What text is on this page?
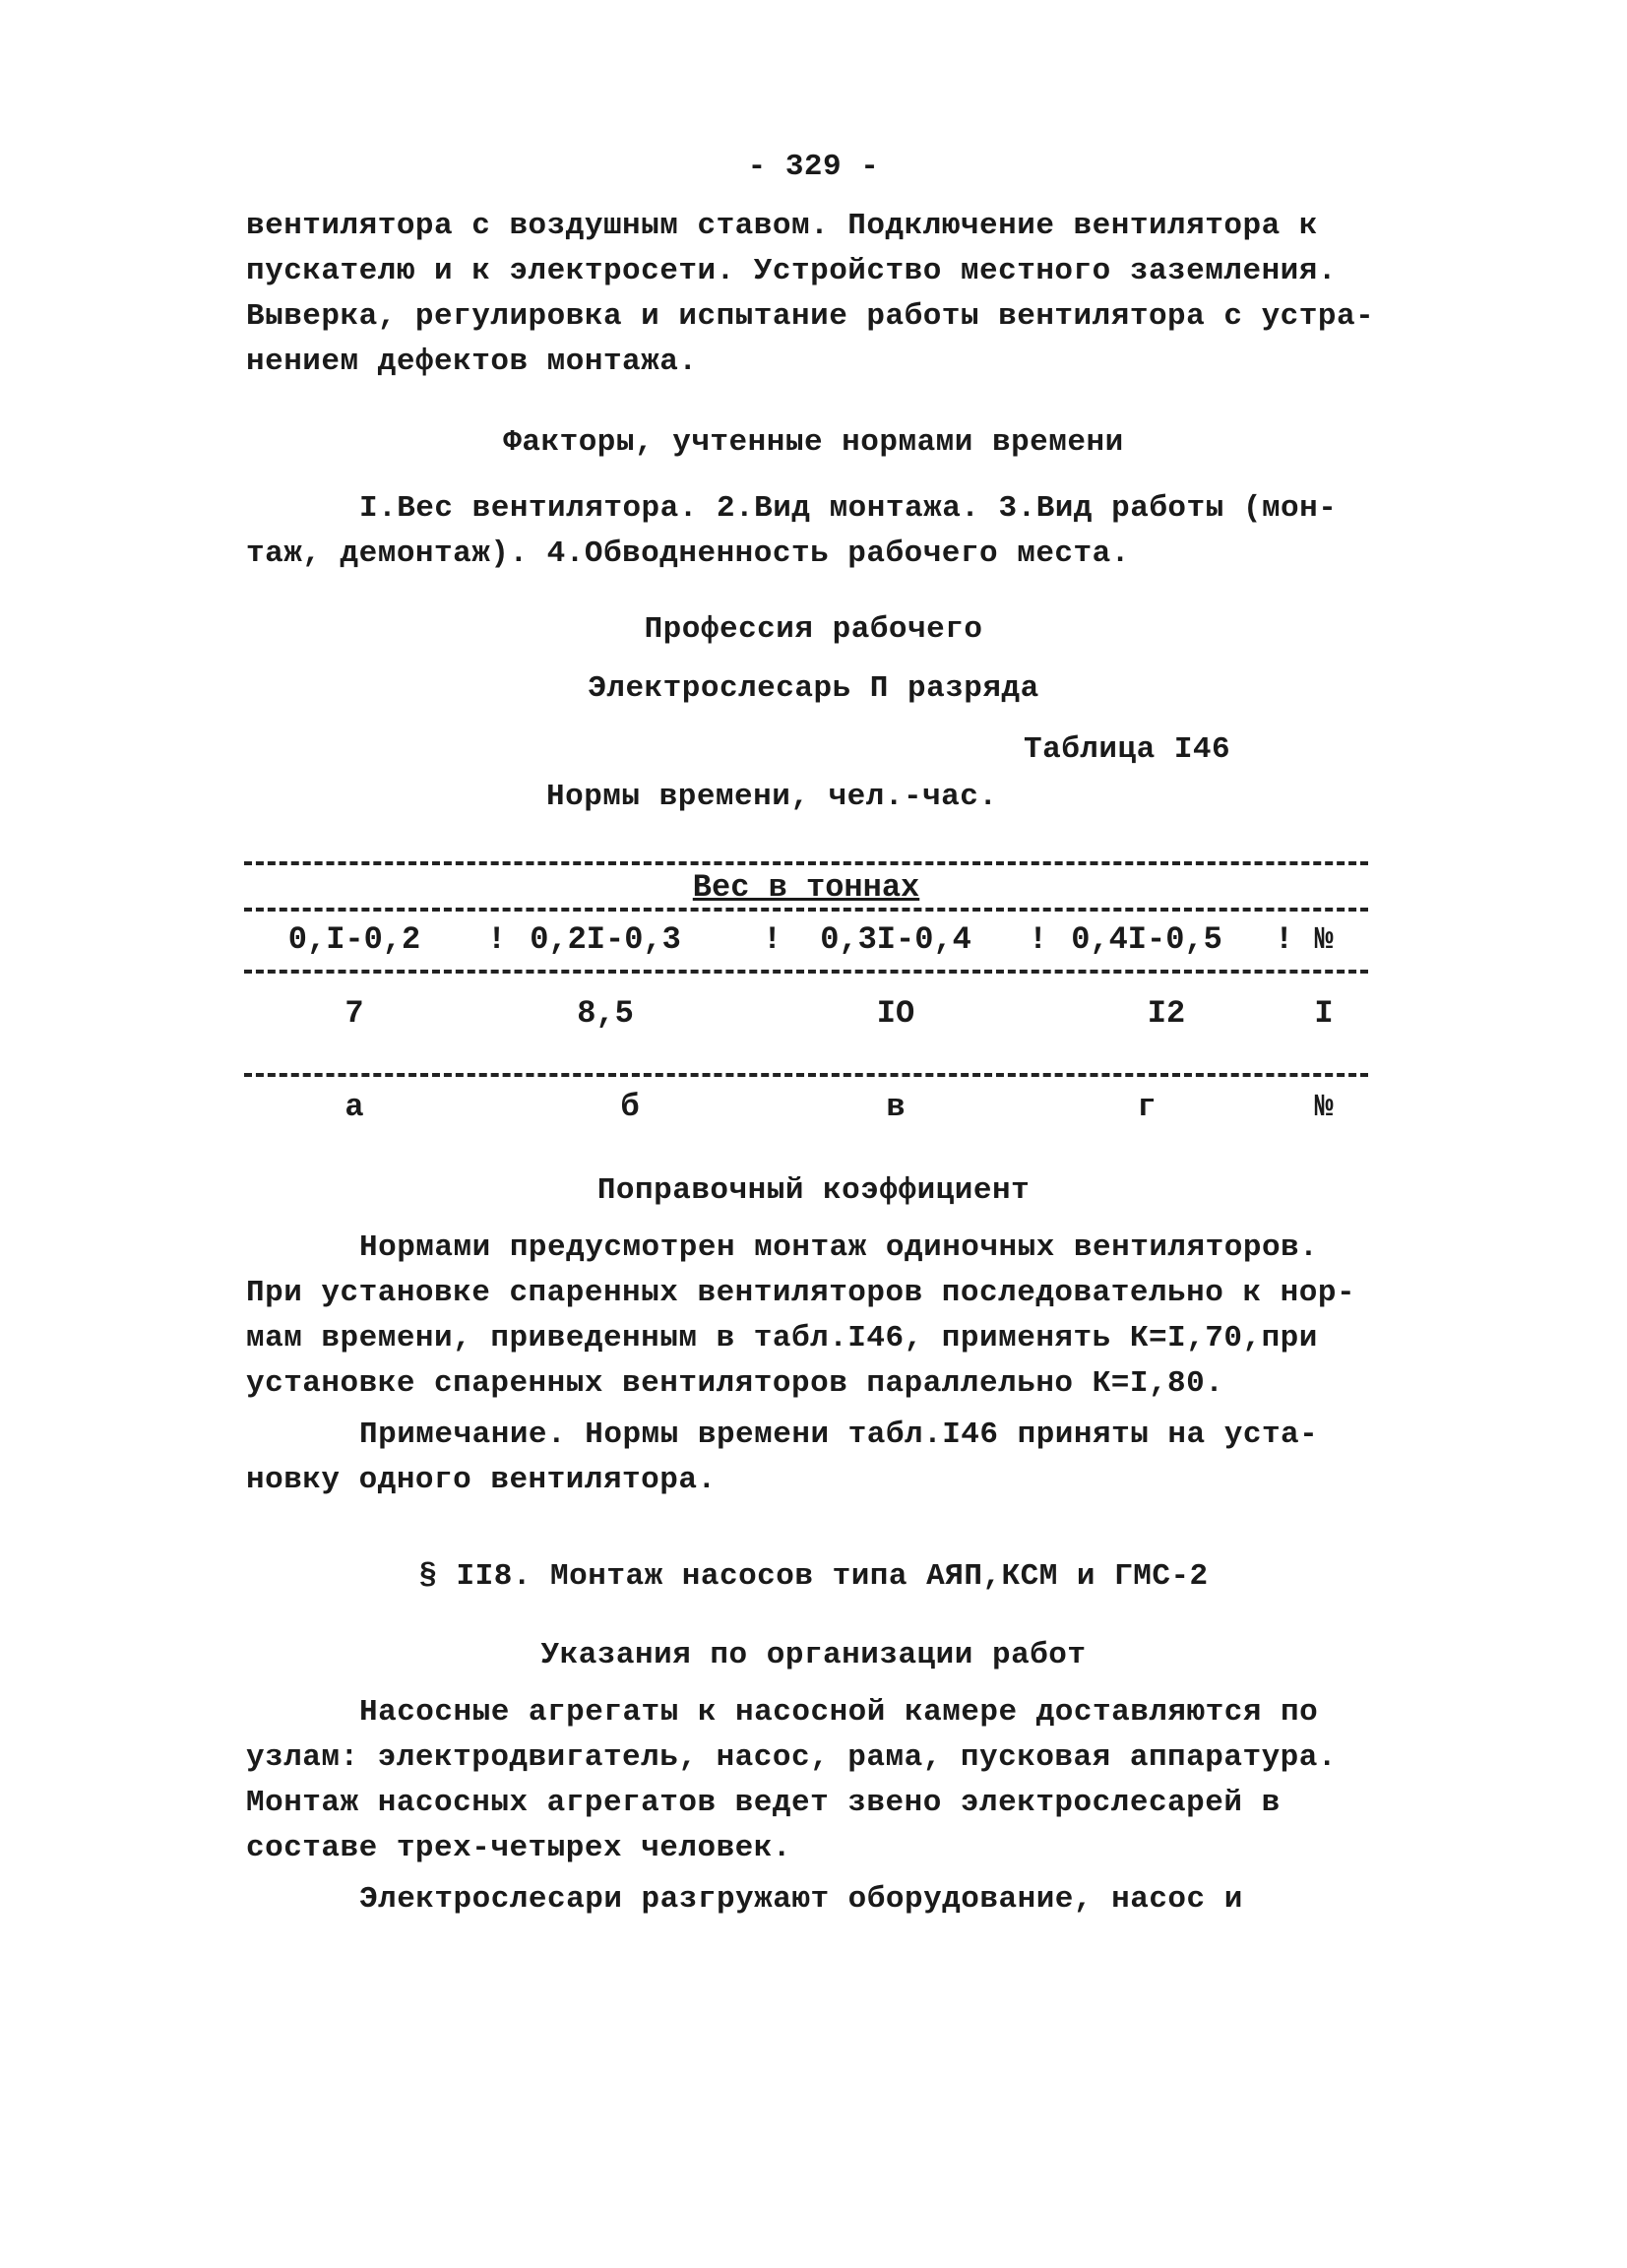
- 329 -
вентилятора с воздушным ставом. Подключение вентилятора к
пускателю и к электросети. Устройство местного заземления.
Выверка, регулировка и испытание работы вентилятора с устра-
нением дефектов монтажа.
Факторы, учтенные нормами времени
I.Вес вентилятора. 2.Вид монтажа. 3.Вид работы (мон-
таж, демонтаж). 4.Обводненность рабочего места.
Профессия рабочего
Электрослесарь П разряда
Таблица I46
Нормы времени, чел.-час.
Вес в тоннах
0,I-0,2	! 0,2I-0,3	!	0,3I-0,4	! 0,4I-0,5	! №
7	8,5	IO	I2	I
а	б	в	г	№
Поправочный коэффициент
Нормами предусмотрен монтаж одиночных вентиляторов.
При установке спаренных вентиляторов последовательно к нор-
мам времени, приведенным в табл.I46, применять К=I,70,при
установке спаренных вентиляторов параллельно К=I,80.
Примечание. Нормы времени табл.I46 приняты на уста-
новку одного вентилятора.
§ II8. Монтаж насосов типа АЯП,КСМ и ГМС-2
Указания по организации работ
Насосные агрегаты к насосной камере доставляются по
узлам: электродвигатель, насос, рама, пусковая аппаратура.
Монтаж насосных агрегатов ведет звено электрослесарей в
составе трех-четырех человек.
Электрослесари разгружают оборудование, насос и
